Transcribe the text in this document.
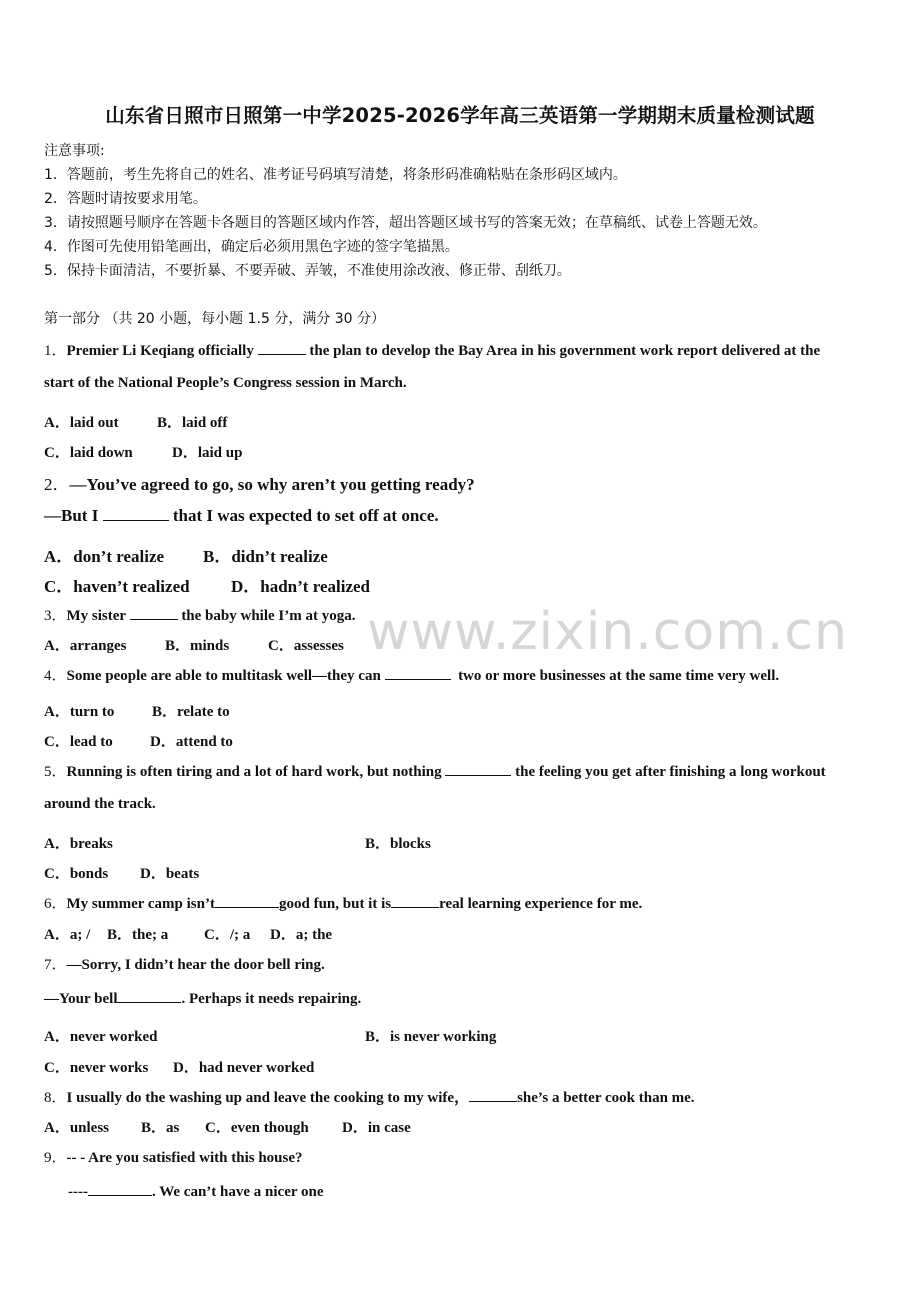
山东省日照市日照第一中学2025-2026学年高三英语第一学期期末质量检测试题
注意事项:
1．答题前，考生先将自己的姓名、准考证号码填写清楚，将条形码准确粘贴在条形码区域内。
2．答题时请按要求用笔。
3．请按照题号顺序在答题卡各题目的答题区域内作答，超出答题区域书写的答案无效；在草稿纸、试卷上答题无效。
4．作图可先使用铅笔画出，确定后必须用黑色字迹的签字笔描黑。
5．保持卡面清洁，不要折暴、不要弄破、弄皱，不准使用涂改液、修正带、刮纸刀。
第一部分 （共 20 小题，每小题 1.5 分，满分 30 分）
1．Premier Li Keqiang officially	the plan to develop the Bay Area in his government work report delivered at the
start of the National People’s Congress session in March.
A．laid out	B．laid off
C．laid down	D．laid up
2．—You’ve agreed to go, so why aren’t you getting ready?
—But I	that I was expected to set off at once.
A．don’t realize B．didn’t realize
C．haven’t realized D．hadn’t realized
3．My sister	the baby while I’m at yoga.
A．arranges	B．minds	C．assesses
4．Some people are able to multitask well—they can	two or more businesses at the same time very well.
A．turn to	B．relate to
C．lead to D．attend to
5．Running is often tiring and a lot of hard work, but nothing	the feeling you get after finishing a long workout
around the track.
A．breaks	B．blocks
C．bonds D．beats
6．My summer camp isn’t	good fun, but it is	real learning experience for me.
A．a; / B．the; a C．/; a D．a; the
7．—Sorry, I didn’t hear the door bell ring.
—Your bell	. Perhaps it needs repairing.
A．never worked	B．is never working
C．never works D．had never worked
8．I usually do the washing up and leave the cooking to my wife，	she’s a better cook than me.
A．unless B．as C．even though D．in case
9．-- - Are you satisfied with this house?
----	. We can’t have a nicer one
www.zixin.com.cn
